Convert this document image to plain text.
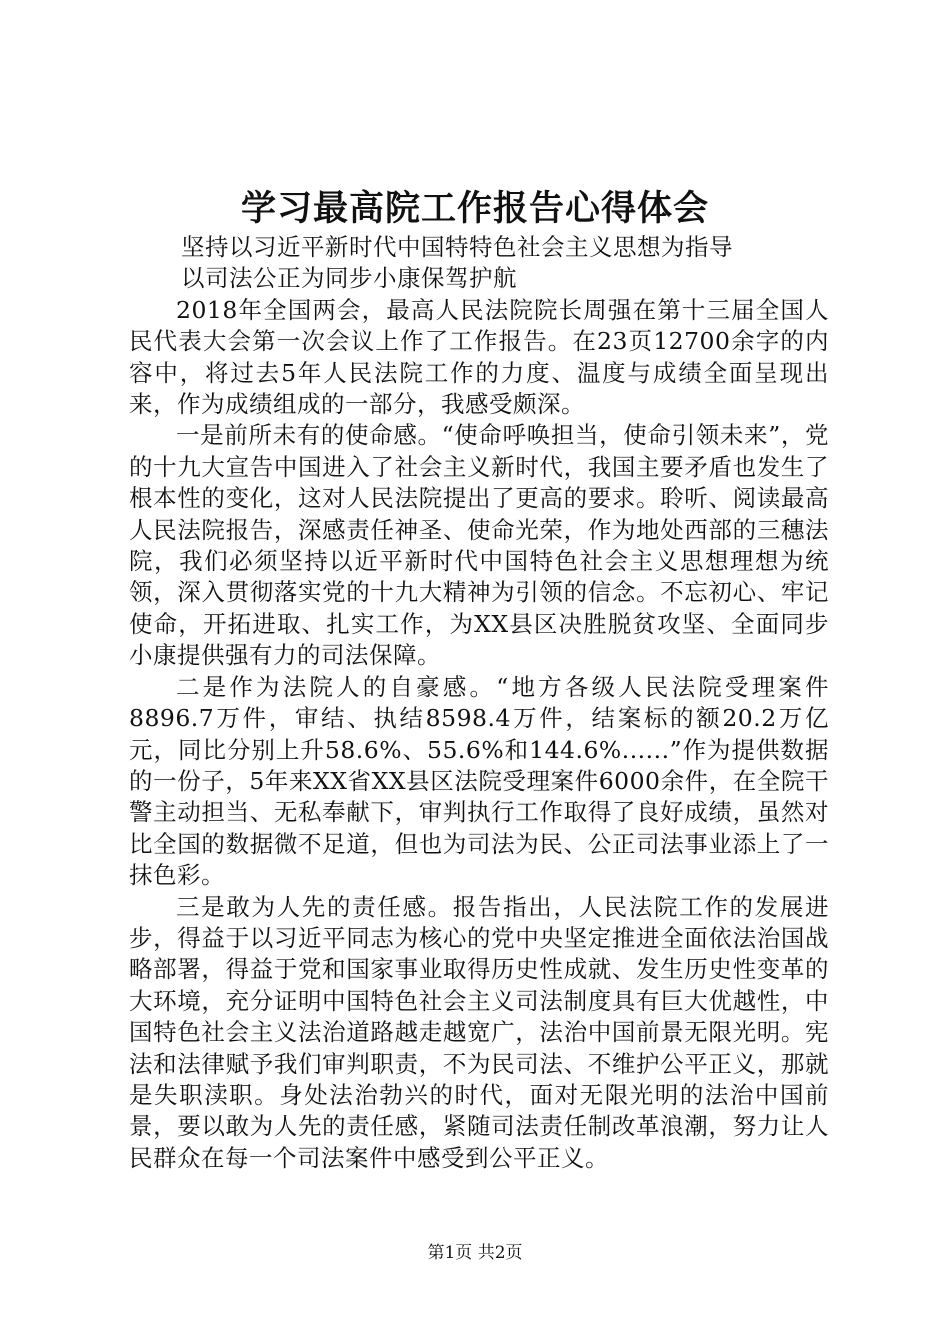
学习最高院工作报告心得体会

坚持以习近平新时代中国特特色社会主义思想为指导

以司法公正为同步小康保驾护航

2018年全国两会，最高人民法院院长周强在第十三届全国人民代表大会第一次会议上作了工作报告。在23页12700余字的内容中，将过去5年人民法院工作的力度、温度与成绩全面呈现出来，作为成绩组成的一部分，我感受颇深。

一是前所未有的使命感。“使命呼唤担当，使命引领未来”，党的十九大宣告中国进入了社会主义新时代，我国主要矛盾也发生了根本性的变化，这对人民法院提出了更高的要求。聆听、阅读最高人民法院报告，深感责任神圣、使命光荣，作为地处西部的三穗法院，我们必须坚持以近平新时代中国特色社会主义思想理想为统领，深入贯彻落实党的十九大精神为引领的信念。不忘初心、牢记使命，开拓进取、扎实工作，为XX县区决胜脱贫攻坚、全面同步小康提供强有力的司法保障。

二是作为法院人的自豪感。“地方各级人民法院受理案件8896.7万件，审结、执结8598.4万件，结案标的额20.2万亿元，同比分别上升58.6%、55.6%和144.6%......”作为提供数据的一份子，5年来XX省XX县区法院受理案件6000余件，在全院干警主动担当、无私奉献下，审判执行工作取得了良好成绩，虽然对比全国的数据微不足道，但也为司法为民、公正司法事业添上了一抹色彩。

三是敢为人先的责任感。报告指出，人民法院工作的发展进步，得益于以习近平同志为核心的党中央坚定推进全面依法治国战略部署，得益于党和国家事业取得历史性成就、发生历史性变革的大环境，充分证明中国特色社会主义司法制度具有巨大优越性，中国特色社会主义法治道路越走越宽广，法治中国前景无限光明。宪法和法律赋予我们审判职责，不为民司法、不维护公平正义，那就是失职渎职。身处法治勃兴的时代，面对无限光明的法治中国前景，要以敢为人先的责任感，紧随司法责任制改革浪潮，努力让人民群众在每一个司法案件中感受到公平正义。

第1页 共2页
